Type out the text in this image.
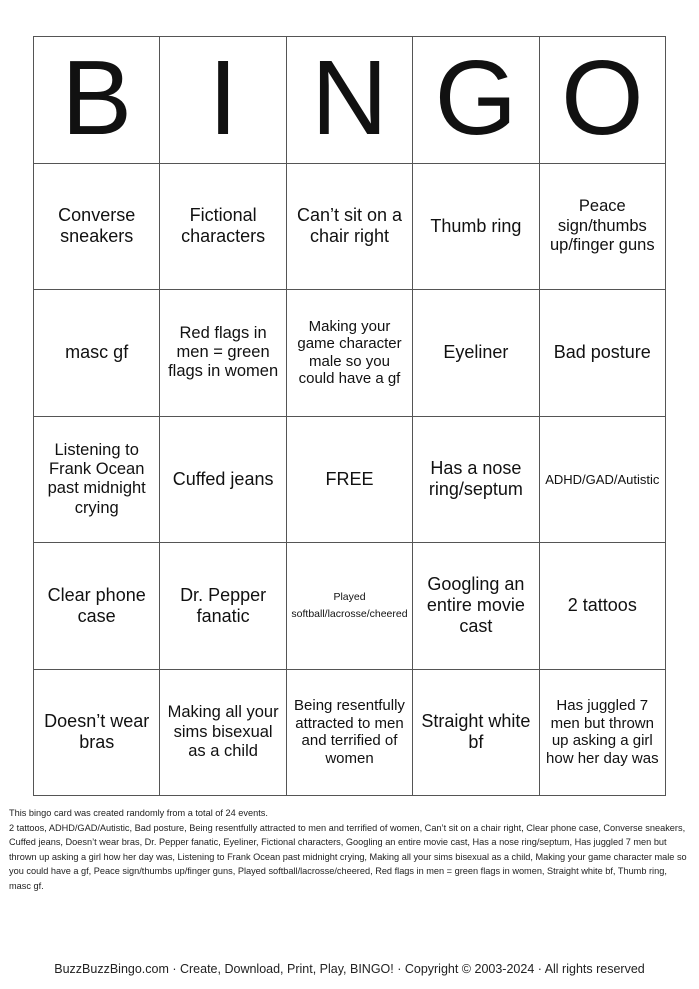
B I N G O
Converse sneakers
Fictional characters
Can’t sit on a chair right
Thumb ring
Peace sign/thumbs up/finger guns
masc gf
Red flags in men = green flags in women
Making your game character male so you could have a gf
Eyeliner	Bad posture
Listening to Frank Ocean past midnight crying
Cuffed jeans	FREE
Has a nose ring/septum
ADHD/GAD/Autistic
Clear phone case
Dr. Pepper fanatic
Played softball/lacrosse/cheered
Googling an entire movie cast
2 tattoos
Doesn’t wear bras
Making all your sims bisexual as a child
Being resentfully attracted to men and terrified of women
Straight white bf
Has juggled 7 men but thrown up asking a girl how her day was
This bingo card was created randomly from a total of 24 events.
2 tattoos, ADHD/GAD/Autistic, Bad posture, Being resentfully attracted to men and terrified of women, Can’t sit on a chair right, Clear phone case, Converse sneakers, Cuffed jeans, Doesn’t wear bras, Dr. Pepper fanatic, Eyeliner, Fictional characters, Googling an entire movie cast, Has a nose ring/septum, Has juggled 7 men but thrown up asking a girl how her day was, Listening to Frank Ocean past midnight crying, Making all your sims bisexual as a child, Making your game character male so you could have a gf, Peace sign/thumbs up/finger guns, Played softball/lacrosse/cheered, Red flags in men = green flags in women, Straight white bf, Thumb ring, masc gf.
BuzzBuzzBingo.com · Create, Download, Print, Play, BINGO! · Copyright © 2003-2024 · All rights reserved
